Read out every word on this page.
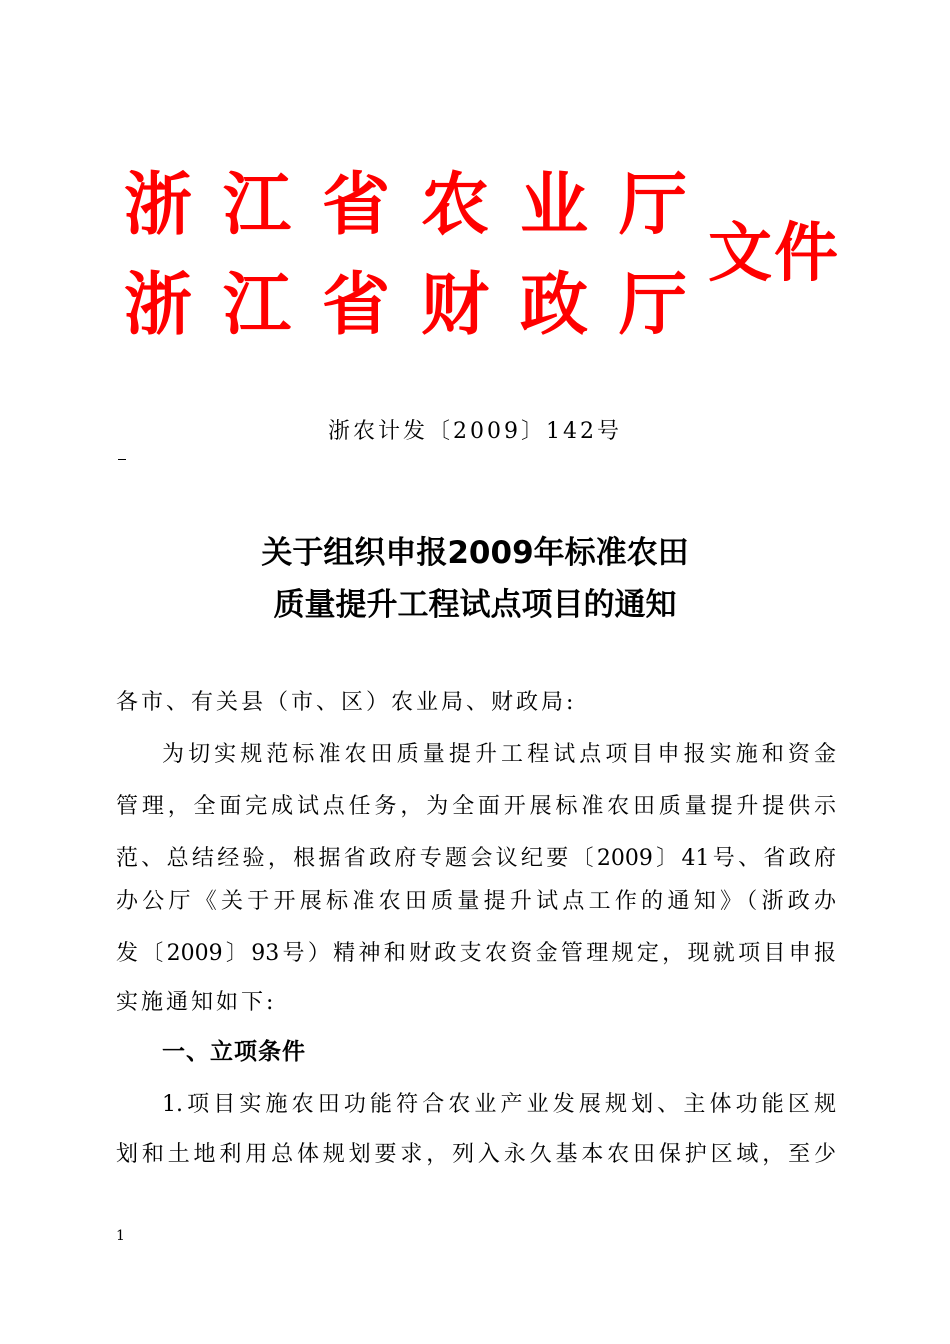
浙江省农业厅
浙江省财政厅
文件
浙农计发〔2009〕142号
关于组织申报2009年标准农田
质量提升工程试点项目的通知
各市、有关县（市、区）农业局、财政局:
为切实规范标准农田质量提升工程试点项目申报实施和资金
管理，全面完成试点任务，为全面开展标准农田质量提升提供示
范、总结经验，根据省政府专题会议纪要〔2009〕41号、省政府
办公厅《关于开展标准农田质量提升试点工作的通知》（浙政办
发〔2009〕93号）精神和财政支农资金管理规定，现就项目申报
实施通知如下:
一、立项条件
1.项目实施农田功能符合农业产业发展规划、主体功能区规
划和土地利用总体规划要求，列入永久基本农田保护区域，至少
1
